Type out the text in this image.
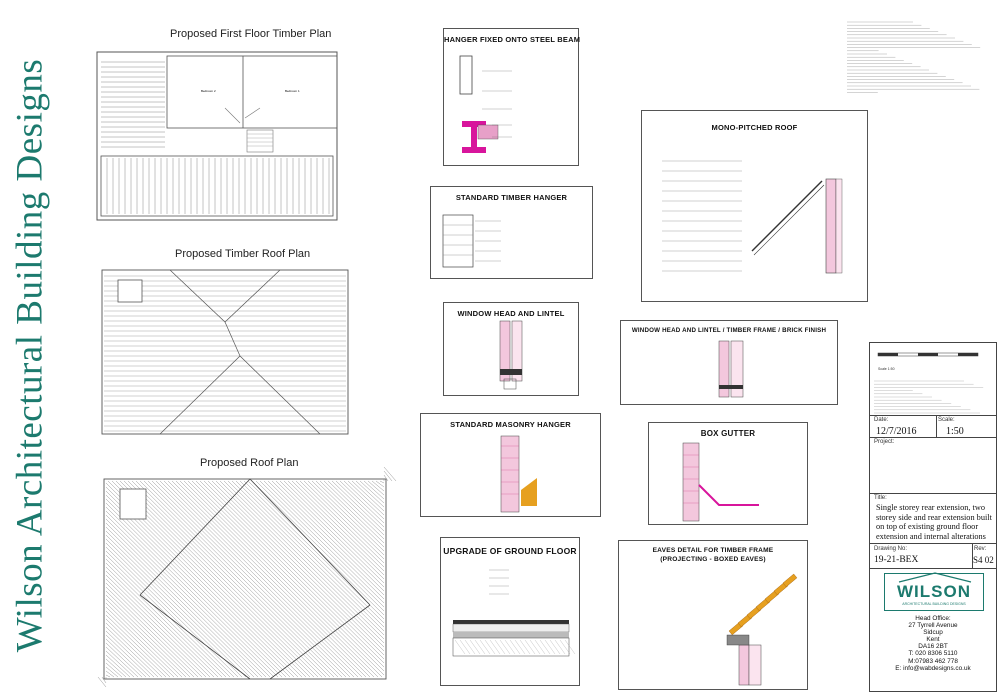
Wilson Architectural Building Designs
Proposed First Floor Timber Plan
Bedroom 2	Bedroom 1
Proposed Timber Roof Plan
Proposed Roof Plan
HANGER FIXED ONTO STEEL BEAM
STANDARD TIMBER HANGER
WINDOW HEAD AND LINTEL
STANDARD MASONRY HANGER
UPGRADE OF GROUND FLOOR
MONO-PITCHED ROOF
WINDOW HEAD AND LINTEL / TIMBER FRAME / BRICK FINISH
BOX GUTTER
EAVES DETAIL FOR TIMBER FRAME
(PROJECTING - BOXED EAVES)
Scale 1:50
Date:
12/7/2016
Scale:
1:50
Project:
Title:
Single storey rear extension, two storey side and rear extension built on top of existing ground floor extension and internal alterations
Drawing No:
19-21-BEX
Rev:
S4 02
WILSON
ARCHITECTURAL BUILDING DESIGNS
Head Office:
27 Tyrrell Avenue
Sidcup
Kent
DA16 2BT
T: 020 8306 5110
M:07983 462 778
E: info@wabdesigns.co.uk
